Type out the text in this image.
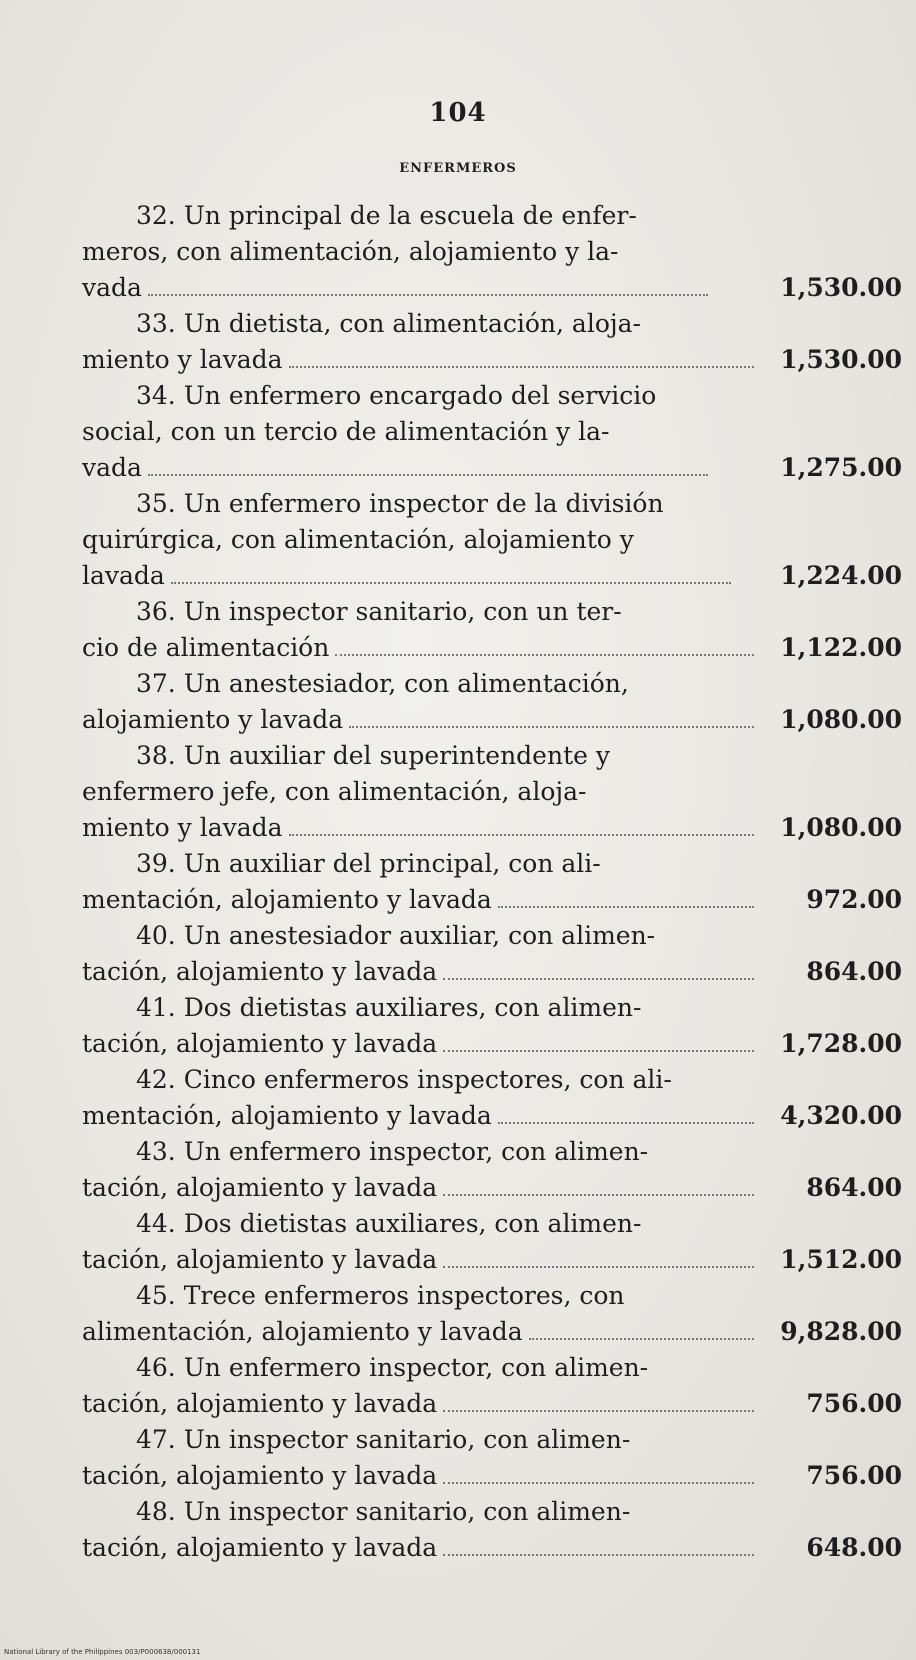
104
ENFERMEROS
32. Un principal de la escuela de enfer-
meros, con alimentación, alojamiento y la-
vada	1,530.00
33. Un dietista, con alimentación, aloja-
miento y lavada	1,530.00
34. Un enfermero encargado del servicio
social, con un tercio de alimentación y la-
vada	1,275.00
35. Un enfermero inspector de la división
quirúrgica, con alimentación, alojamiento y
lavada	1,224.00
36. Un inspector sanitario, con un ter-
cio de alimentación	1,122.00
37. Un anestesiador, con alimentación,
alojamiento y lavada	1,080.00
38. Un auxiliar del superintendente y
enfermero jefe, con alimentación, aloja-
miento y lavada	1,080.00
39. Un auxiliar del principal, con ali-
mentación, alojamiento y lavada	972.00
40. Un anestesiador auxiliar, con alimen-
tación, alojamiento y lavada	864.00
41. Dos dietistas auxiliares, con alimen-
tación, alojamiento y lavada	1,728.00
42. Cinco enfermeros inspectores, con ali-
mentación, alojamiento y lavada	4,320.00
43. Un enfermero inspector, con alimen-
tación, alojamiento y lavada	864.00
44. Dos dietistas auxiliares, con alimen-
tación, alojamiento y lavada	1,512.00
45. Trece enfermeros inspectores, con
alimentación, alojamiento y lavada	9,828.00
46. Un enfermero inspector, con alimen-
tación, alojamiento y lavada	756.00
47. Un inspector sanitario, con alimen-
tación, alojamiento y lavada	756.00
48. Un inspector sanitario, con alimen-
tación, alojamiento y lavada	648.00
National Library of the Philippines 003/P000638/000131
